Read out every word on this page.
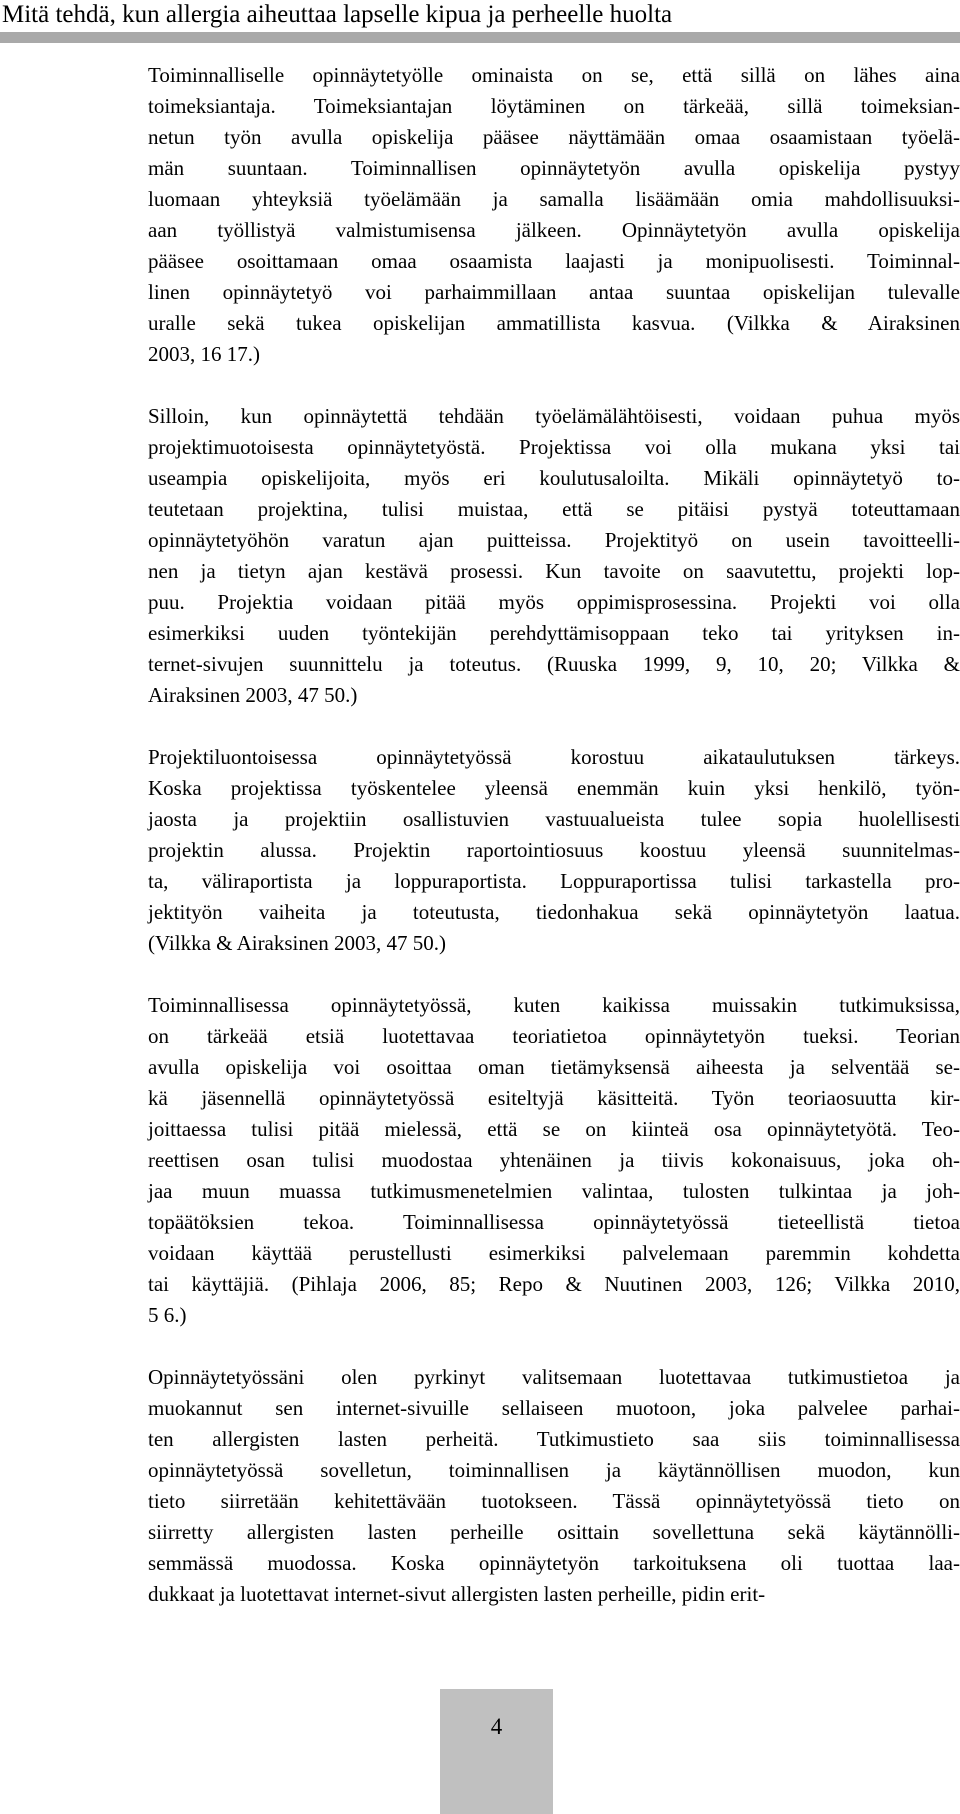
Mitä tehdä, kun allergia aiheuttaa lapselle kipua ja perheelle huolta
Toiminnalliselle opinnäytetyölle ominaista on se, että sillä on lähes aina
toimeksiantaja. Toimeksiantajan löytäminen on tärkeää, sillä toimeksian-
netun työn avulla opiskelija pääsee näyttämään omaa osaamistaan työelä-
män suuntaan. Toiminnallisen opinnäytetyön avulla opiskelija pystyy
luomaan yhteyksiä työelämään ja samalla lisäämään omia mahdollisuuksi-
aan työllistyä valmistumisensa jälkeen. Opinnäytetyön avulla opiskelija
pääsee osoittamaan omaa osaamista laajasti ja monipuolisesti. Toiminnal-
linen opinnäytetyö voi parhaimmillaan antaa suuntaa opiskelijan tulevalle
uralle sekä tukea opiskelijan ammatillista kasvua. (Vilkka & Airaksinen
2003, 16 17.)
Silloin, kun opinnäytettä tehdään työelämälähtöisesti, voidaan puhua myös
projektimuotoisesta opinnäytetyöstä. Projektissa voi olla mukana yksi tai
useampia opiskelijoita, myös eri koulutusaloilta. Mikäli opinnäytetyö to-
teutetaan projektina, tulisi muistaa, että se pitäisi pystyä toteuttamaan
opinnäytetyöhön varatun ajan puitteissa. Projektityö on usein tavoitteelli-
nen ja tietyn ajan kestävä prosessi. Kun tavoite on saavutettu, projekti lop-
puu. Projektia voidaan pitää myös oppimisprosessina. Projekti voi olla
esimerkiksi uuden työntekijän perehdyttämisoppaan teko tai yrityksen in-
ternet-sivujen suunnittelu ja toteutus. (Ruuska 1999, 9, 10, 20; Vilkka &
Airaksinen 2003, 47 50.)
Projektiluontoisessa opinnäytetyössä korostuu aikataulutuksen tärkeys.
Koska projektissa työskentelee yleensä enemmän kuin yksi henkilö, työn-
jaosta ja projektiin osallistuvien vastuualueista tulee sopia huolellisesti
projektin alussa. Projektin raportointiosuus koostuu yleensä suunnitelmas-
ta, väliraportista ja loppuraportista. Loppuraportissa tulisi tarkastella pro-
jektityön vaiheita ja toteutusta, tiedonhakua sekä opinnäytetyön laatua.
(Vilkka & Airaksinen 2003, 47 50.)
Toiminnallisessa opinnäytetyössä, kuten kaikissa muissakin tutkimuksissa,
on tärkeää etsiä luotettavaa teoriatietoa opinnäytetyön tueksi. Teorian
avulla opiskelija voi osoittaa oman tietämyksensä aiheesta ja selventää se-
kä jäsennellä opinnäytetyössä esiteltyjä käsitteitä. Työn teoriaosuutta kir-
joittaessa tulisi pitää mielessä, että se on kiinteä osa opinnäytetyötä. Teo-
reettisen osan tulisi muodostaa yhtenäinen ja tiivis kokonaisuus, joka oh-
jaa muun muassa tutkimusmenetelmien valintaa, tulosten tulkintaa ja joh-
topäätöksien tekoa. Toiminnallisessa opinnäytetyössä tieteellistä tietoa
voidaan käyttää perustellusti esimerkiksi palvelemaan paremmin kohdetta
tai käyttäjiä. (Pihlaja 2006, 85; Repo & Nuutinen 2003, 126; Vilkka 2010,
5 6.)
Opinnäytetyössäni olen pyrkinyt valitsemaan luotettavaa tutkimustietoa ja
muokannut sen internet-sivuille sellaiseen muotoon, joka palvelee parhai-
ten allergisten lasten perheitä. Tutkimustieto saa siis toiminnallisessa
opinnäytetyössä sovelletun, toiminnallisen ja käytännöllisen muodon, kun
tieto siirretään kehitettävään tuotokseen. Tässä opinnäytetyössä tieto on
siirretty allergisten lasten perheille osittain sovellettuna sekä käytännölli-
semmässä muodossa. Koska opinnäytetyön tarkoituksena oli tuottaa laa-
dukkaat ja luotettavat internet-sivut allergisten lasten perheille, pidin erit-
4
